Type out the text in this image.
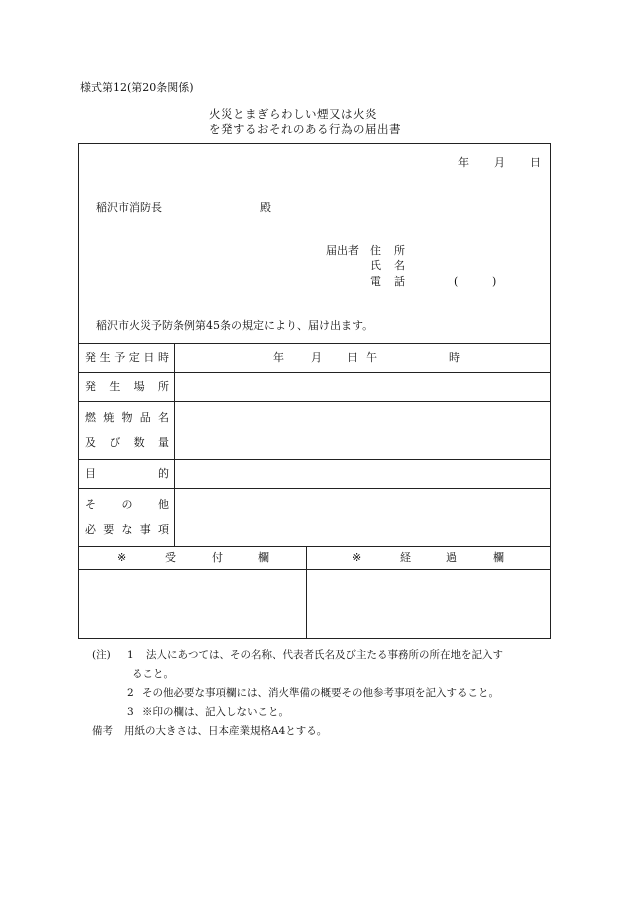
様式第12(第20条関係)
火災とまぎらわしい煙又は火炎
を発するおそれのある行為の届出書
年 月 日
稲沢市消防長	殿
届出者 住 所
氏 名
電 話	(	)
稲沢市火災予防条例第45条の規定により、届け出ます。
発 生 予 定 日 時	年 月 日 午	時
発 生 場 所
燃 焼 物 品 名
及 び 数 量
目	的
そ の 他
必 要 な 事 項
※	受	付	欄	※	経	過	欄
(注) 1 法人にあつては、その名称、代表者氏名及び主たる事務所の所在地を記入す
ること。
2 その他必要な事項欄には、消火準備の概要その他参考事項を記入すること。
3 ※印の欄は、記入しないこと。
備考 用紙の大きさは、日本産業規格A4とする。
